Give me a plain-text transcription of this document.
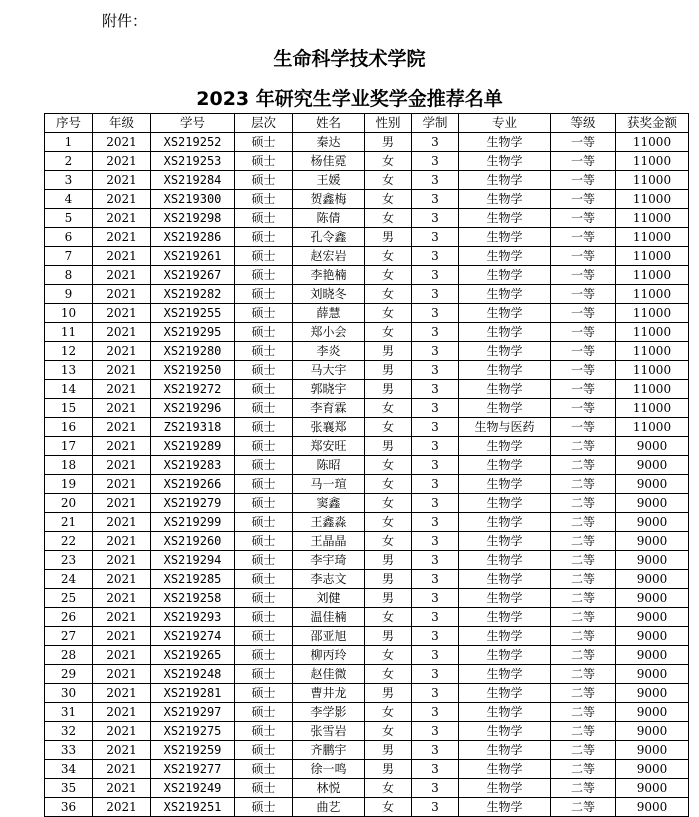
附件：
生命科学技术学院
2023 年研究生学业奖学金推荐名单
序号	年级	学号	层次	姓名	性别	学制	专业	等级	获奖金额
1	2021	XS219252	硕士	秦达	男	3	生物学	一等	11000
2	2021	XS219253	硕士	杨佳霓	女	3	生物学	一等	11000
3	2021	XS219284	硕士	王媛	女	3	生物学	一等	11000
4	2021	XS219300	硕士	贺鑫梅	女	3	生物学	一等	11000
5	2021	XS219298	硕士	陈倩	女	3	生物学	一等	11000
6	2021	XS219286	硕士	孔令鑫	男	3	生物学	一等	11000
7	2021	XS219261	硕士	赵宏岩	女	3	生物学	一等	11000
8	2021	XS219267	硕士	李艳楠	女	3	生物学	一等	11000
9	2021	XS219282	硕士	刘晓冬	女	3	生物学	一等	11000
10	2021	XS219255	硕士	薛慧	女	3	生物学	一等	11000
11	2021	XS219295	硕士	郑小会	女	3	生物学	一等	11000
12	2021	XS219280	硕士	李炎	男	3	生物学	一等	11000
13	2021	XS219250	硕士	马大宇	男	3	生物学	一等	11000
14	2021	XS219272	硕士	郭晓宇	男	3	生物学	一等	11000
15	2021	XS219296	硕士	李育霖	女	3	生物学	一等	11000
16	2021	ZS219318	硕士	张襄郑	女	3	生物与医药	一等	11000
17	2021	XS219289	硕士	郑安旺	男	3	生物学	二等	9000
18	2021	XS219283	硕士	陈昭	女	3	生物学	二等	9000
19	2021	XS219266	硕士	马一瑄	女	3	生物学	二等	9000
20	2021	XS219279	硕士	窦鑫	女	3	生物学	二等	9000
21	2021	XS219299	硕士	王鑫淼	女	3	生物学	二等	9000
22	2021	XS219260	硕士	王晶晶	女	3	生物学	二等	9000
23	2021	XS219294	硕士	李宇琦	男	3	生物学	二等	9000
24	2021	XS219285	硕士	李志文	男	3	生物学	二等	9000
25	2021	XS219258	硕士	刘健	男	3	生物学	二等	9000
26	2021	XS219293	硕士	温佳楠	女	3	生物学	二等	9000
27	2021	XS219274	硕士	邵亚旭	男	3	生物学	二等	9000
28	2021	XS219265	硕士	柳丙玲	女	3	生物学	二等	9000
29	2021	XS219248	硕士	赵佳微	女	3	生物学	二等	9000
30	2021	XS219281	硕士	曹井龙	男	3	生物学	二等	9000
31	2021	XS219297	硕士	李学影	女	3	生物学	二等	9000
32	2021	XS219275	硕士	张雪岩	女	3	生物学	二等	9000
33	2021	XS219259	硕士	齐鹏宇	男	3	生物学	二等	9000
34	2021	XS219277	硕士	徐一鸣	男	3	生物学	二等	9000
35	2021	XS219249	硕士	林悦	女	3	生物学	二等	9000
36	2021	XS219251	硕士	曲艺	女	3	生物学	二等	9000
